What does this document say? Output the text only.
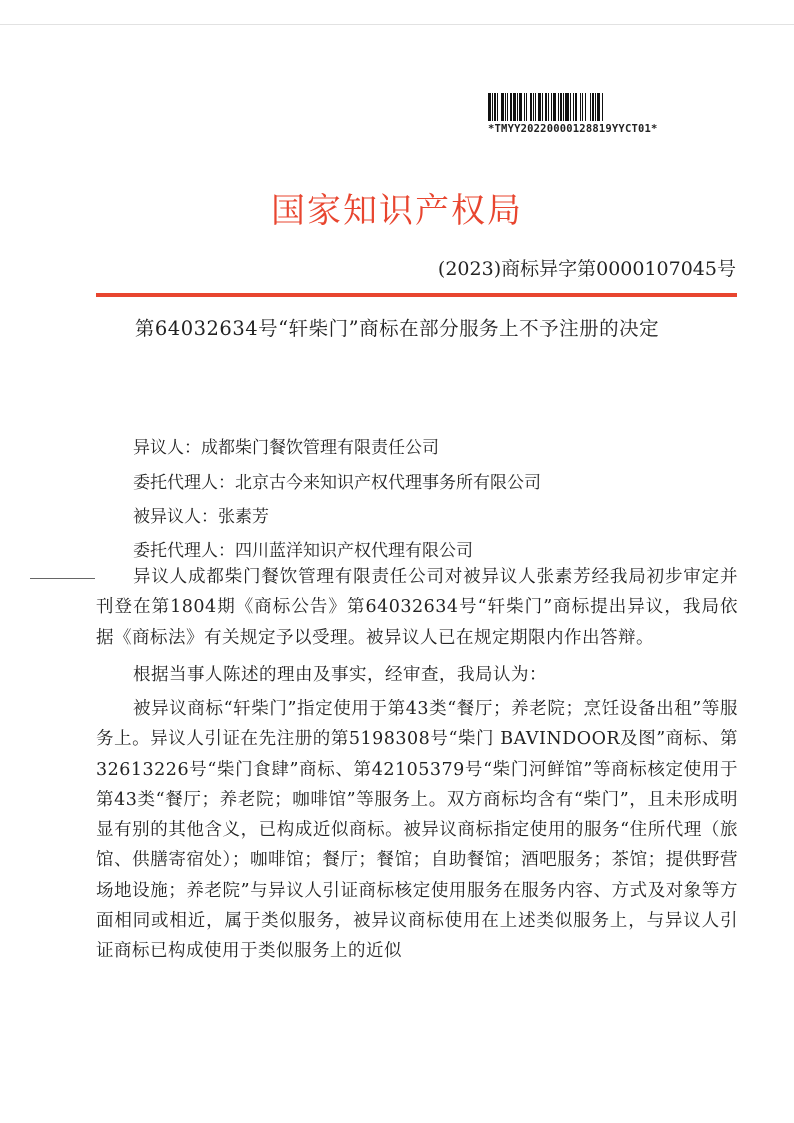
*TMYY20220000128819YYCT01*
国家知识产权局
(2023)商标异字第0000107045号
第64032634号“轩柴门”商标在部分服务上不予注册的决定
异议人：成都柴门餐饮管理有限责任公司
委托代理人：北京古今来知识产权代理事务所有限公司
被异议人：张素芳
委托代理人：四川蓝洋知识产权代理有限公司

异议人成都柴门餐饮管理有限责任公司对被异议人张素芳经我局初步审定并刊登在第1804期《商标公告》第64032634号“轩柴门”商标提出异议，我局依据《商标法》有关规定予以受理。被异议人已在规定期限内作出答辩。

根据当事人陈述的理由及事实，经审查，我局认为：

被异议商标“轩柴门”指定使用于第43类“餐厅；养老院；烹饪设备出租”等服务上。异议人引证在先注册的第5198308号“柴门 BAVINDOOR及图”商标、第32613226号“柴门食肆”商标、第42105379号“柴门河鲜馆”等商标核定使用于第43类“餐厅；养老院；咖啡馆”等服务上。双方商标均含有“柴门”，且未形成明显有别的其他含义，已构成近似商标。被异议商标指定使用的服务“住所代理（旅馆、供膳寄宿处）；咖啡馆；餐厅；餐馆；自助餐馆；酒吧服务；茶馆；提供野营场地设施；养老院”与异议人引证商标核定使用服务在服务内容、方式及对象等方面相同或相近，属于类似服务，被异议商标使用在上述类似服务上，与异议人引证商标已构成使用于类似服务上的近似
